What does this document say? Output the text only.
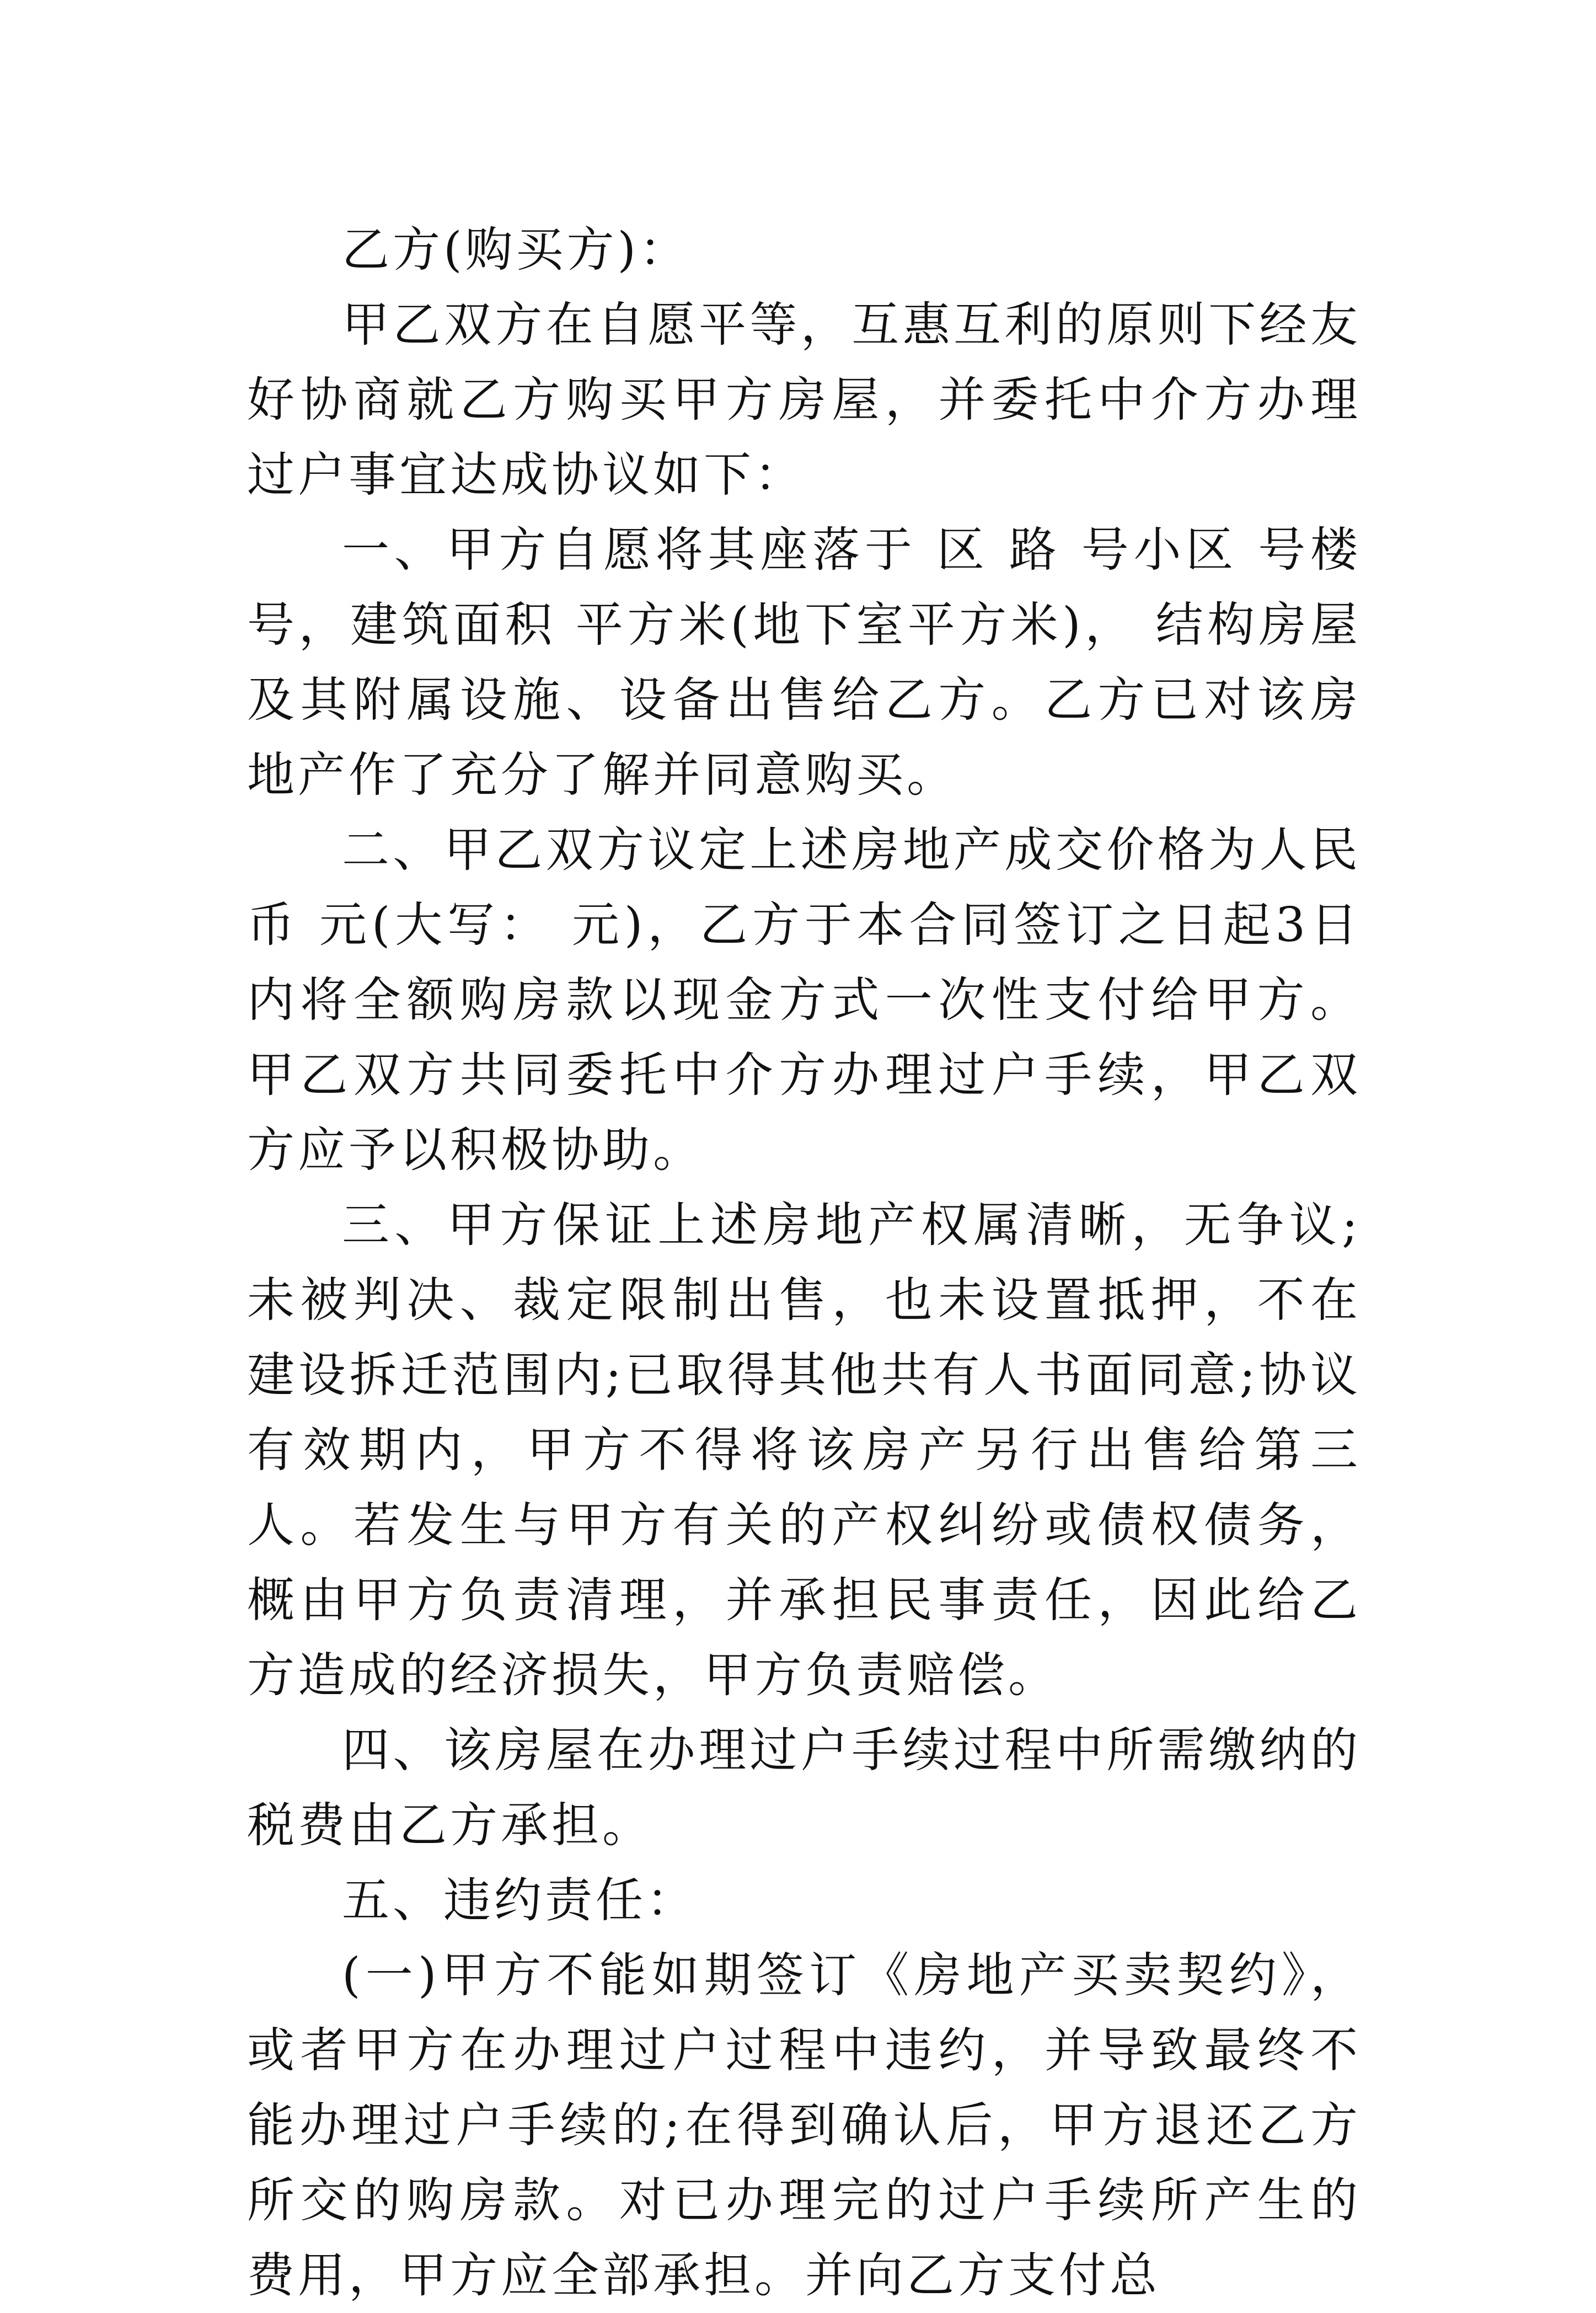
乙方(购买方)：

甲乙双方在自愿平等，互惠互利的原则下经友好协商就乙方购买甲方房屋，并委托中介方办理过户事宜达成协议如下：

一、甲方自愿将其座落于 区 路 号小区 号楼号，建筑面积 平方米(地下室平方米)， 结构房屋及其附属设施、设备出售给乙方。乙方已对该房地产作了充分了解并同意购买。

二、甲乙双方议定上述房地产成交价格为人民币 元(大写： 元)，乙方于本合同签订之日起3日内将全额购房款以现金方式一次性支付给甲方。甲乙双方共同委托中介方办理过户手续，甲乙双方应予以积极协助。

三、甲方保证上述房地产权属清晰，无争议;未被判决、裁定限制出售，也未设置抵押，不在建设拆迁范围内;已取得其他共有人书面同意;协议有效期内，甲方不得将该房产另行出售给第三人。若发生与甲方有关的产权纠纷或债权债务，概由甲方负责清理，并承担民事责任，因此给乙方造成的经济损失，甲方负责赔偿。

四、该房屋在办理过户手续过程中所需缴纳的税费由乙方承担。

五、违约责任：

(一)甲方不能如期签订《房地产买卖契约》，或者甲方在办理过户过程中违约，并导致最终不能办理过户手续的;在得到确认后，甲方退还乙方所交的购房款。对已办理完的过户手续所产生的费用，甲方应全部承担。并向乙方支付总
